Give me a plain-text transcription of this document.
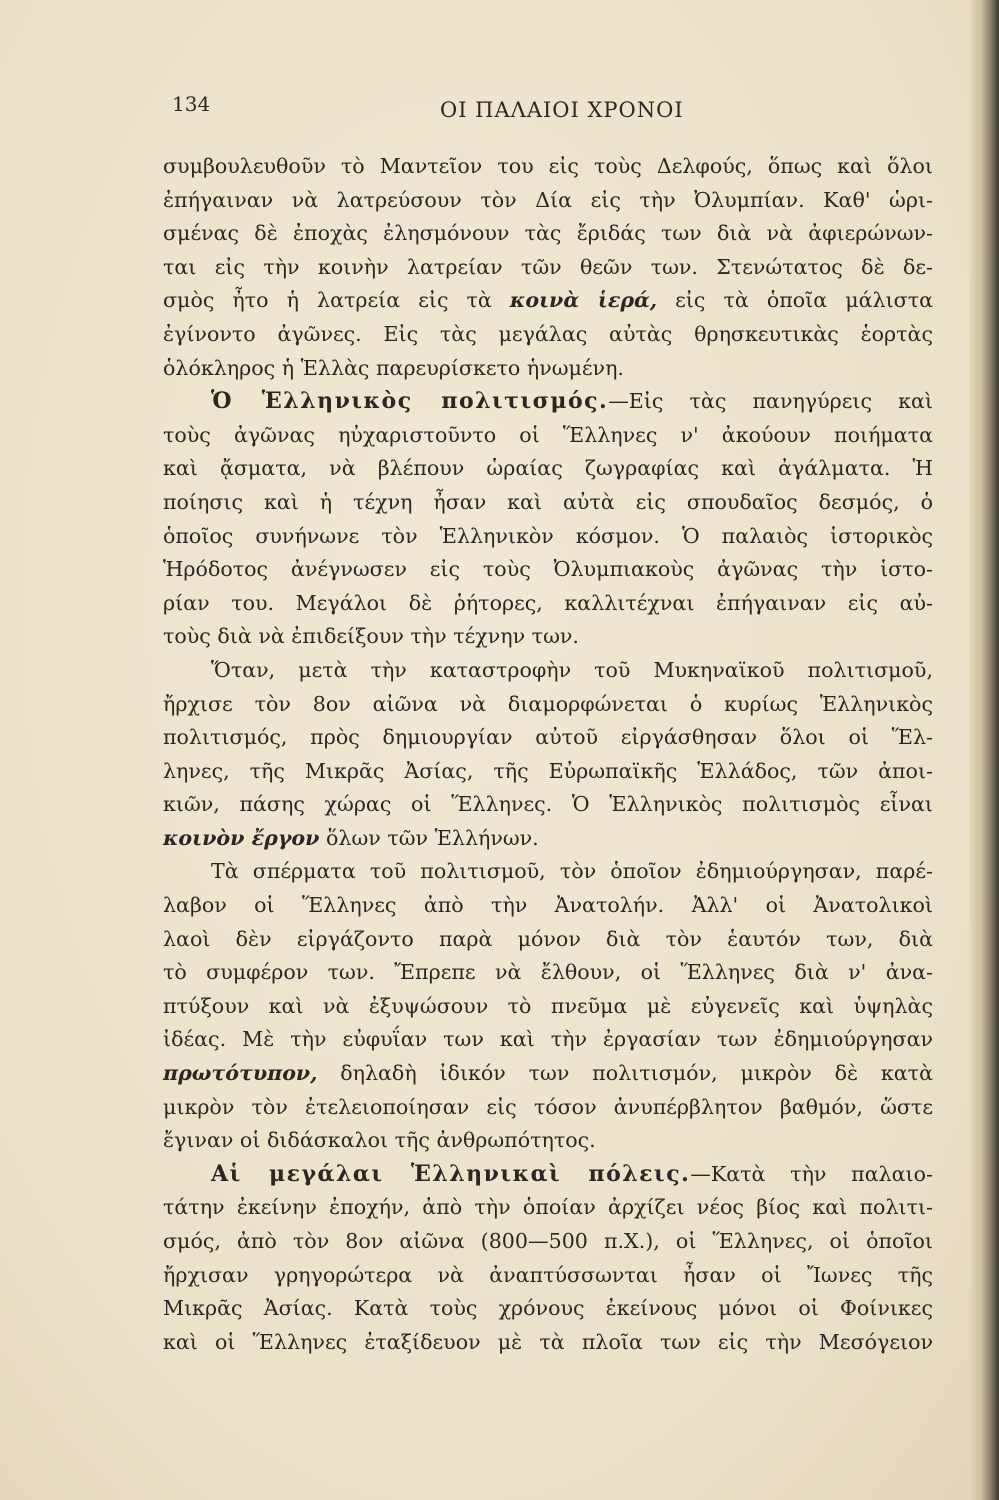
134	ΟΙ ΠΑΛΑΙΟΙ ΧΡΟΝΟΙ
συμβουλευθοῦν τὸ Μαντεῖον του εἰς τοὺς Δελφούς, ὅπως καὶ ὅλοι
ἐπήγαιναν νὰ λατρεύσουν τὸν Δία εἰς τὴν Ὀλυμπίαν. Καθ' ὡρι-
σμένας δὲ ἐποχὰς ἐλησμόνουν τὰς ἔριδάς των διὰ νὰ ἀφιερώνων-
ται εἰς τὴν κοινὴν λατρείαν τῶν θεῶν των. Στενώτατος δὲ δε-
σμὸς ἦτο ἡ λατρεία εἰς τὰ κοινὰ ἱερά, εἰς τὰ ὁποῖα μάλιστα
ἐγίνοντο ἀγῶνες. Εἰς τὰς μεγάλας αὐτὰς θρησκευτικὰς ἑορτὰς
ὁλόκληρος ἡ Ἑλλὰς παρευρίσκετο ἡνωμένη.
Ὁ Ἑλληνικὸς πολιτισμός.—Εἰς τὰς πανηγύρεις καὶ
τοὺς ἀγῶνας ηὐχαριστοῦντο οἱ Ἕλληνες ν' ἀκούουν ποιήματα
καὶ ᾄσματα, νὰ βλέπουν ὡραίας ζωγραφίας καὶ ἀγάλματα. Ἡ
ποίησις καὶ ἡ τέχνη ἦσαν καὶ αὐτὰ εἰς σπουδαῖος δεσμός, ὁ
ὁποῖος συνήνωνε τὸν Ἑλληνικὸν κόσμον. Ὁ παλαιὸς ἱστορικὸς
Ἡρόδοτος ἀνέγνωσεν εἰς τοὺς Ὀλυμπιακοὺς ἀγῶνας τὴν ἱστο-
ρίαν του. Μεγάλοι δὲ ῥήτορες, καλλιτέχναι ἐπήγαιναν εἰς αὐ-
τοὺς διὰ νὰ ἐπιδείξουν τὴν τέχνην των.
Ὅταν, μετὰ τὴν καταστροφὴν τοῦ Μυκηναϊκοῦ πολιτισμοῦ,
ἤρχισε τὸν 8ον αἰῶνα νὰ διαμορφώνεται ὁ κυρίως Ἑλληνικὸς
πολιτισμός, πρὸς δημιουργίαν αὐτοῦ εἰργάσθησαν ὅλοι οἱ Ἕλ-
ληνες, τῆς Μικρᾶς Ἀσίας, τῆς Εὐρωπαϊκῆς Ἑλλάδος, τῶν ἀποι-
κιῶν, πάσης χώρας οἱ Ἕλληνες. Ὁ Ἑλληνικὸς πολιτισμὸς εἶναι
κοινὸν ἔργον ὅλων τῶν Ἑλλήνων.
Τὰ σπέρματα τοῦ πολιτισμοῦ, τὸν ὁποῖον ἐδημιούργησαν, παρέ-
λαβον οἱ Ἕλληνες ἀπὸ τὴν Ἀνατολήν. Ἀλλ' οἱ Ἀνατολικοὶ
λαοὶ δὲν εἰργάζοντο παρὰ μόνον διὰ τὸν ἑαυτόν των, διὰ
τὸ συμφέρον των. Ἔπρεπε νὰ ἔλθουν, οἱ Ἕλληνες διὰ ν' ἀνα-
πτύξουν καὶ νὰ ἐξυψώσουν τὸ πνεῦμα μὲ εὐγενεῖς καὶ ὑψηλὰς
ἰδέας. Μὲ τὴν εὐφυΐαν των καὶ τὴν ἐργασίαν των ἐδημιούργησαν
πρωτότυπον, δηλαδὴ ἰδικόν των πολιτισμόν, μικρὸν δὲ κατὰ
μικρὸν τὸν ἐτελειοποίησαν εἰς τόσον ἀνυπέρβλητον βαθμόν, ὥστε
ἔγιναν οἱ διδάσκαλοι τῆς ἀνθρωπότητος.
Αἱ μεγάλαι Ἑλληνικαὶ πόλεις.—Κατὰ τὴν παλαιο-
τάτην ἐκείνην ἐποχήν, ἀπὸ τὴν ὁποίαν ἀρχίζει νέος βίος καὶ πολιτι-
σμός, ἀπὸ τὸν 8ον αἰῶνα (800—500 π.Χ.), οἱ Ἕλληνες, οἱ ὁποῖοι
ἤρχισαν γρηγορώτερα νὰ ἀναπτύσσωνται ἦσαν οἱ Ἴωνες τῆς
Μικρᾶς Ἀσίας. Κατὰ τοὺς χρόνους ἐκείνους μόνοι οἱ Φοίνικες
καὶ οἱ Ἕλληνες ἐταξίδευον μὲ τὰ πλοῖα των εἰς τὴν Μεσόγειον
